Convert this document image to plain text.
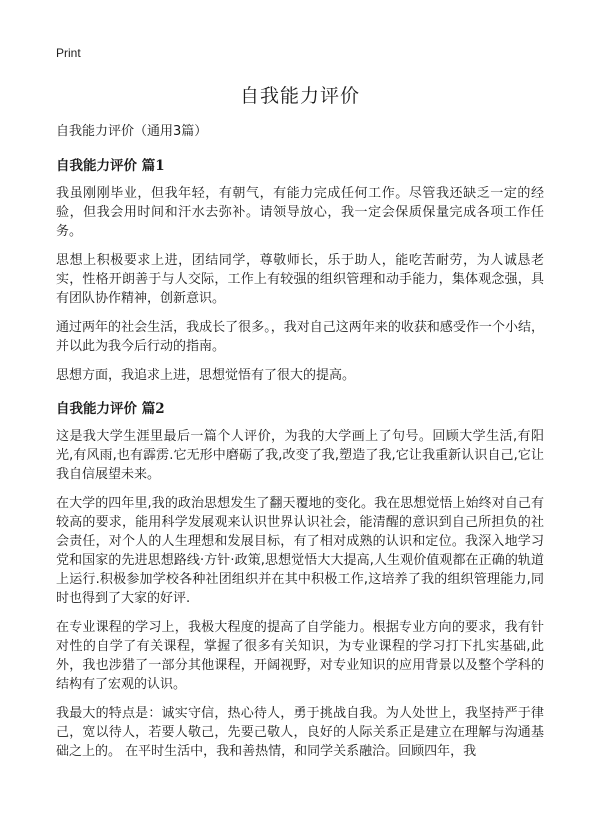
Print
自我能力评价
自我能力评价（通用3篇）
自我能力评价 篇1

我虽刚刚毕业，但我年轻，有朝气，有能力完成任何工作。尽管我还缺乏一定的经验，但我会用时间和汗水去弥补。请领导放心，我一定会保质保量完成各项工作任务。

思想上积极要求上进，团结同学，尊敬师长，乐于助人，能吃苦耐劳，为人诚恳老实，性格开朗善于与人交际，工作上有较强的组织管理和动手能力，集体观念强，具有团队协作精神，创新意识。

通过两年的社会生活，我成长了很多。，我对自己这两年来的收获和感受作一个小结，并以此为我今后行动的指南。

思想方面，我追求上进，思想觉悟有了很大的提高。

自我能力评价 篇2

这是我大学生涯里最后一篇个人评价，为我的大学画上了句号。回顾大学生活,有阳光,有风雨,也有霹雳.它无形中磨砺了我,改变了我,塑造了我,它让我重新认识自己,它让我自信展望未来。

在大学的四年里,我的政治思想发生了翻天覆地的变化。我在思想觉悟上始终对自己有较高的要求，能用科学发展观来认识世界认识社会，能清醒的意识到自己所担负的社会责任，对个人的人生理想和发展目标，有了相对成熟的认识和定位。我深入地学习党和国家的先进思想路线·方针·政策,思想觉悟大大提高,人生观价值观都在正确的轨道上运行.积极参加学校各种社团组织并在其中积极工作,这培养了我的组织管理能力,同时也得到了大家的好评.

在专业课程的学习上，我极大程度的提高了自学能力。根据专业方向的要求，我有针对性的自学了有关课程，掌握了很多有关知识，为专业课程的学习打下扎实基础,此外，我也涉猎了一部分其他课程，开阔视野，对专业知识的应用背景以及整个学科的结构有了宏观的认识。

我最大的特点是：诚实守信，热心待人，勇于挑战自我。为人处世上，我坚持严于律己，宽以待人，若要人敬己，先要己敬人，良好的人际关系正是建立在理解与沟通基础之上的。 在平时生活中，我和善热情，和同学关系融洽。回顾四年，我
